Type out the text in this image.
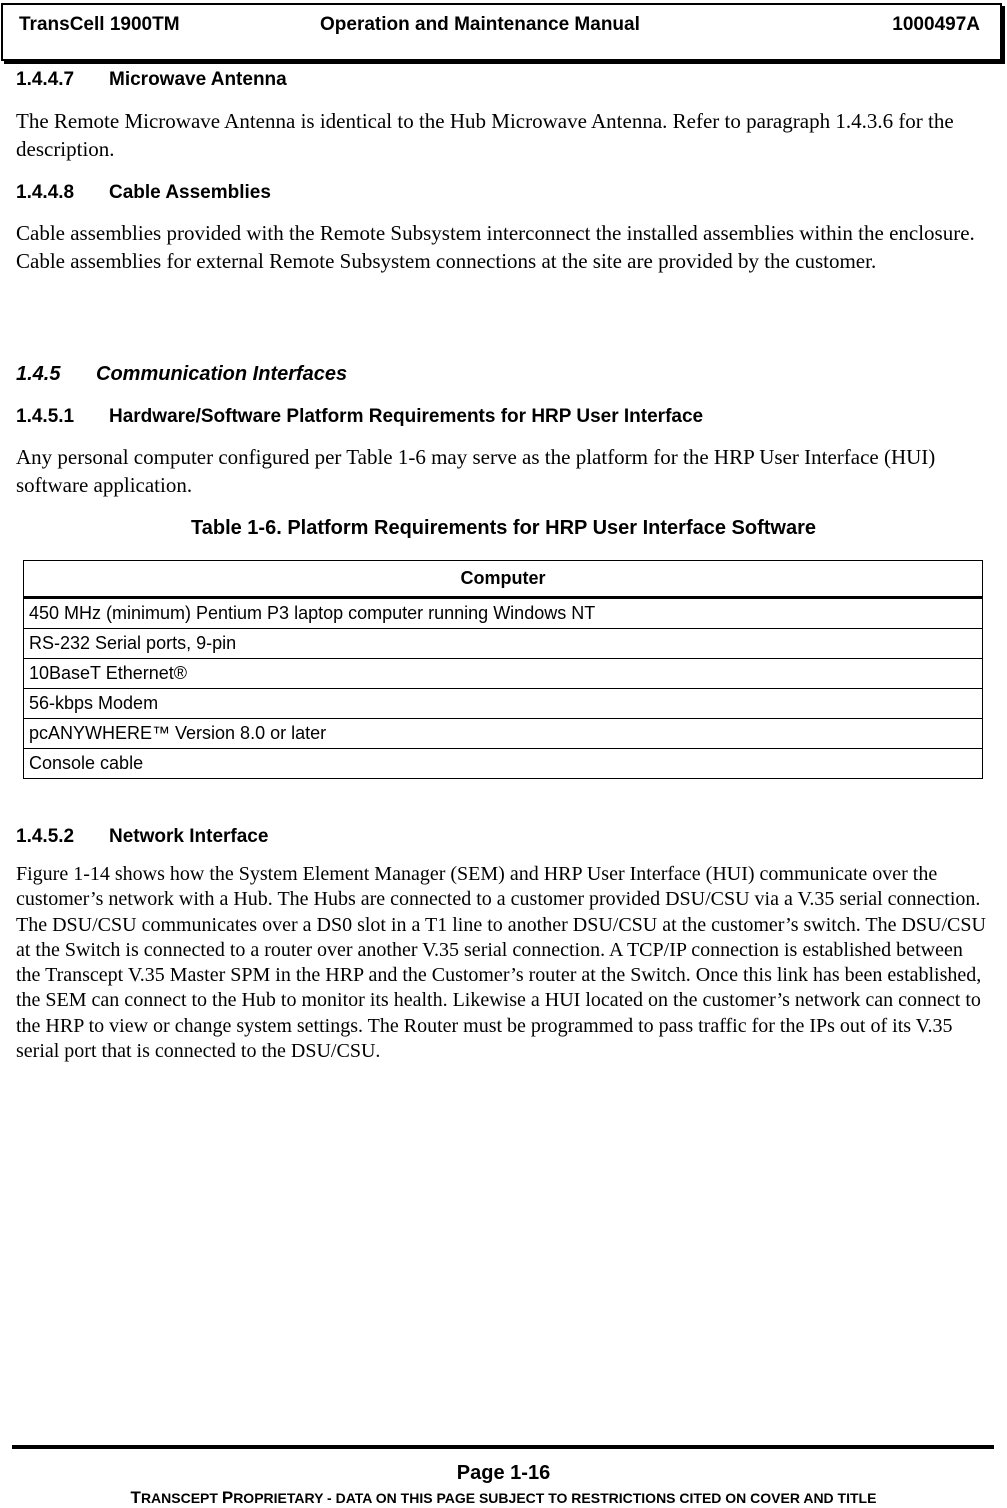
TransCell 1900TM	Operation and Maintenance Manual	1000497A
1.4.4.7 Microwave Antenna

The Remote Microwave Antenna is identical to the Hub Microwave Antenna. Refer to paragraph 1.4.3.6 for the description.

1.4.4.8 Cable Assemblies

Cable assemblies provided with the Remote Subsystem interconnect the installed assemblies within the enclosure. Cable assemblies for external Remote Subsystem connections at the site are provided by the customer.

1.4.5 Communication Interfaces
1.4.5.1 Hardware/Software Platform Requirements for HRP User Interface

Any personal computer configured per Table 1-6 may serve as the platform for the HRP User Interface (HUI) software application.

Table 1-6. Platform Requirements for HRP User Interface Software
Computer
450 MHz (minimum) Pentium P3 laptop computer running Windows NT
RS-232 Serial ports, 9-pin
10BaseT Ethernet®
56-kbps Modem
pcANYWHERE™ Version 8.0 or later
Console cable
1.4.5.2 Network Interface

Figure 1-14 shows how the System Element Manager (SEM) and HRP User Interface (HUI) communicate over the customer’s network with a Hub. The Hubs are connected to a customer provided DSU/CSU via a V.35 serial connection. The DSU/CSU communicates over a DS0 slot in a T1 line to another DSU/CSU at the customer’s switch. The DSU/CSU at the Switch is connected to a router over another V.35 serial connection. A TCP/IP connection is established between the Transcept V.35 Master SPM in the HRP and the Customer’s router at the Switch. Once this link has been established, the SEM can connect to the Hub to monitor its health. Likewise a HUI located on the customer’s network can connect to the HRP to view or change system settings. The Router must be programmed to pass traffic for the IPs out of its V.35 serial port that is connected to the DSU/CSU.

Page 1-16
TRANSCEPT PROPRIETARY - DATA ON THIS PAGE SUBJECT TO RESTRICTIONS CITED ON COVER AND TITLE
